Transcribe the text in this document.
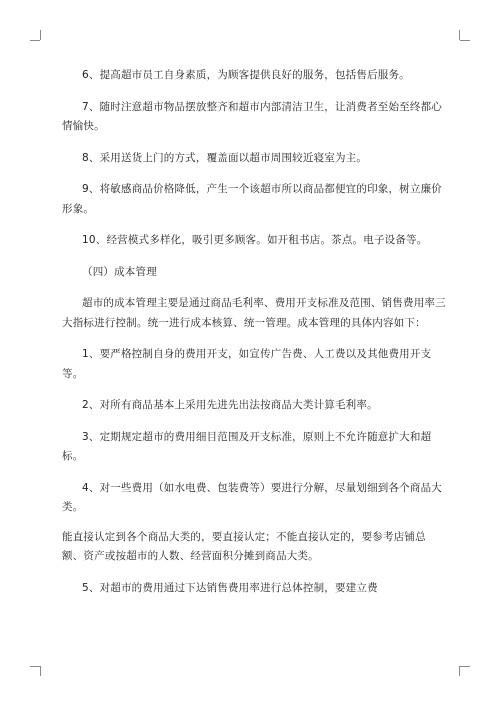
6、提高超市员工自身素质，为顾客提供良好的服务，包括售后服务。

7、随时注意超市物品摆放整齐和超市内部清洁卫生，让消费者至始至终都心情愉快。

8、采用送货上门的方式，覆盖面以超市周围较近寝室为主。

9、将敏感商品价格降低，产生一个该超市所以商品都便宜的印象，树立廉价形象。

10、经营模式多样化，吸引更多顾客。如开租书店。茶点。电子设备等。

（四）成本管理

超市的成本管理主要是通过商品毛利率、费用开支标准及范围、销售费用率三大指标进行控制。统一进行成本核算、统一管理。成本管理的具体内容如下：

1、要严格控制自身的费用开支，如宣传广告费、人工费以及其他费用开支等。

2、对所有商品基本上采用先进先出法按商品大类计算毛利率。

3、定期规定超市的费用细目范围及开支标准，原则上不允许随意扩大和超标。

4、对一些费用（如水电费、包装费等）要进行分解，尽量划细到各个商品大类。

能直接认定到各个商品大类的，要直接认定；不能直接认定的，要参考店铺总额、资产或按超市的人数、经营面积分摊到商品大类。

5、对超市的费用通过下达销售费用率进行总体控制，要建立费
